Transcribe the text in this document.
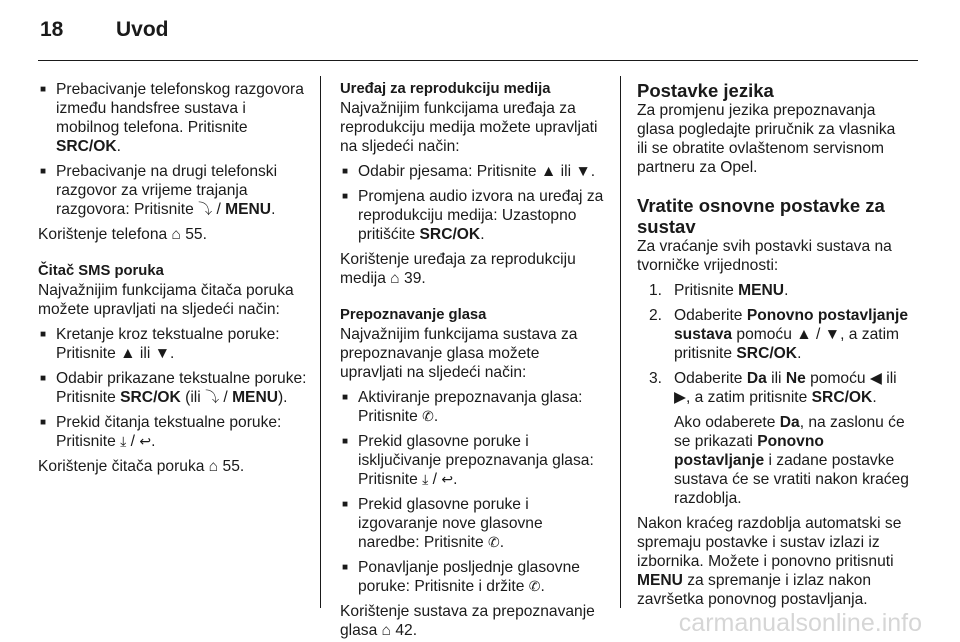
18	Uvod
■ Prebacivanje telefonskog razgovora između handsfree sustava i mobilnog telefona. Pritisnite SRC/OK.
■ Prebacivanje na drugi telefonski razgovor za vrijeme trajanja razgovora: Pritisnite ⤵ / MENU.

Korištenje telefona ⌂ 55.

Čitač SMS poruka

Najvažnijim funkcijama čitača poruka možete upravljati na sljedeći način:

■ Kretanje kroz tekstualne poruke: Pritisnite ▲ ili ▼.
■ Odabir prikazane tekstualne poruke: Pritisnite SRC/OK (ili ⤵ / MENU).
■ Prekid čitanja tekstualne poruke: Pritisnite ⤓ / ↩.

Korištenje čitača poruka ⌂ 55.

Uređaj za reprodukciju medija

Najvažnijim funkcijama uređaja za reprodukciju medija možete upravljati na sljedeći način:

■ Odabir pjesama: Pritisnite ▲ ili ▼.
■ Promjena audio izvora na uređaj za reprodukciju medija: Uzastopno pritišćite SRC/OK.

Korištenje uređaja za reprodukciju medija ⌂ 39.

Prepoznavanje glasa

Najvažnijim funkcijama sustava za prepoznavanje glasa možete upravljati na sljedeći način:

■ Aktiviranje prepoznavanja glasa: Pritisnite ✆.
■ Prekid glasovne poruke i isključivanje prepoznavanja glasa: Pritisnite ⤓ / ↩.
■ Prekid glasovne poruke i izgovaranje nove glasovne naredbe: Pritisnite ✆.
■ Ponavljanje posljednje glasovne poruke: Pritisnite i držite ✆.

Korištenje sustava za prepoznavanje glasa ⌂ 42.

Postavke jezika

Za promjenu jezika prepoznavanja glasa pogledajte priručnik za vlasnika ili se obratite ovlaštenom servisnom partneru za Opel.

Vratite osnovne postavke za sustav

Za vraćanje svih postavki sustava na tvorničke vrijednosti:

1. Pritisnite MENU.
2. Odaberite Ponovno postavljanje sustava pomoću ▲ / ▼, a zatim pritisnite SRC/OK.
3. Odaberite Da ili Ne pomoću ◀ ili ▶, a zatim pritisnite SRC/OK.

Ako odaberete Da, na zaslonu će se prikazati Ponovno postavljanje i zadane postavke sustava će se vratiti nakon kraćeg razdoblja.

Nakon kraćeg razdoblja automatski se spremaju postavke i sustav izlazi iz izbornika. Možete i ponovno pritisnuti MENU za spremanje i izlaz nakon završetka ponovnog postavljanja.

carmanualsonline.info
